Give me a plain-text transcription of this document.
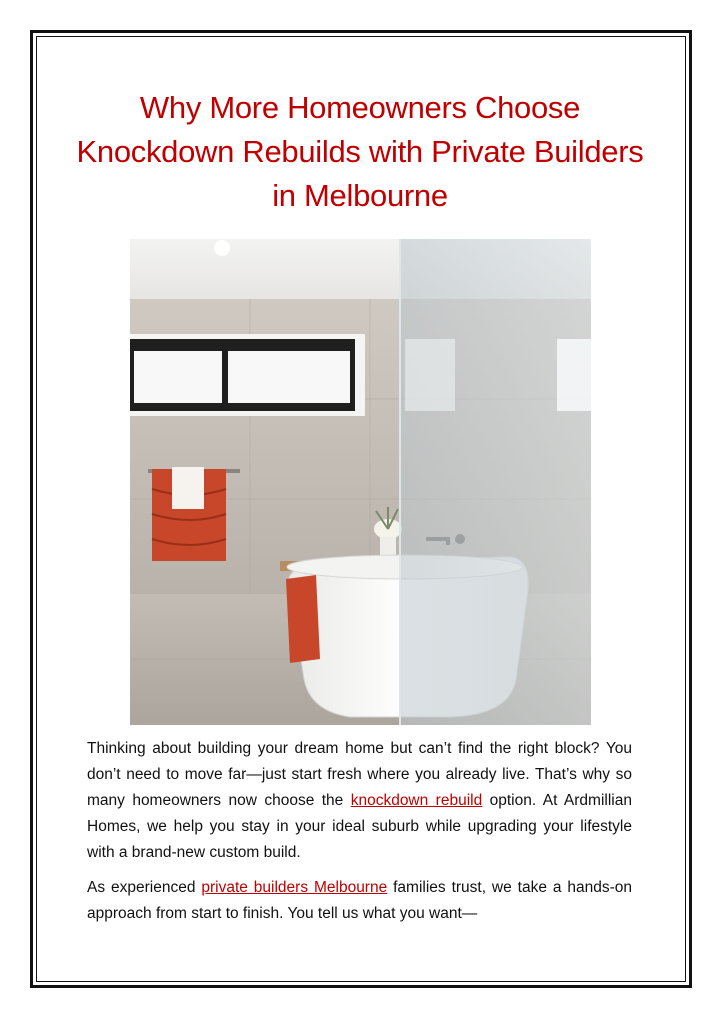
Why More Homeowners Choose
Knockdown Rebuilds with Private Builders
in Melbourne

Thinking about building your dream home but can’t find the right block? You don’t need to move far—just start fresh where you already live. That’s why so many homeowners now choose the knockdown rebuild option. At Ardmillian Homes, we help you stay in your ideal suburb while upgrading your lifestyle with a brand-new custom build.

As experienced private builders Melbourne families trust, we take a hands-on approach from start to finish. You tell us what you want—
